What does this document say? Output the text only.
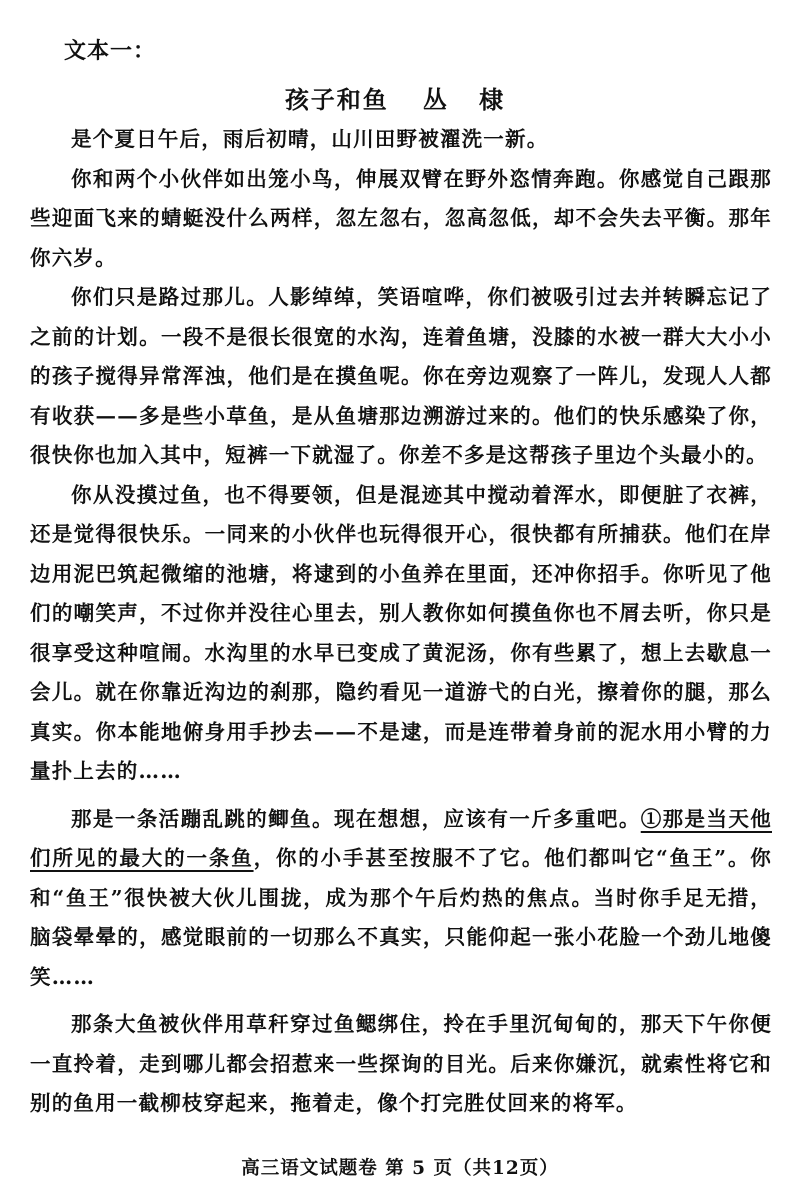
文本一：
孩子和鱼 丛 棣

是个夏日午后，雨后初晴，山川田野被濯洗一新。

你和两个小伙伴如出笼小鸟，伸展双臂在野外恣情奔跑。你感觉自己跟那些迎面飞来的蜻蜓没什么两样，忽左忽右，忽高忽低，却不会失去平衡。那年你六岁。

你们只是路过那儿。人影绰绰，笑语喧哗，你们被吸引过去并转瞬忘记了之前的计划。一段不是很长很宽的水沟，连着鱼塘，没膝的水被一群大大小小的孩子搅得异常浑浊，他们是在摸鱼呢。你在旁边观察了一阵儿，发现人人都有收获——多是些小草鱼，是从鱼塘那边溯游过来的。他们的快乐感染了你，很快你也加入其中，短裤一下就湿了。你差不多是这帮孩子里边个头最小的。

你从没摸过鱼，也不得要领，但是混迹其中搅动着浑水，即便脏了衣裤，还是觉得很快乐。一同来的小伙伴也玩得很开心，很快都有所捕获。他们在岸边用泥巴筑起微缩的池塘，将逮到的小鱼养在里面，还冲你招手。你听见了他们的嘲笑声，不过你并没往心里去，别人教你如何摸鱼你也不屑去听，你只是很享受这种喧闹。水沟里的水早已变成了黄泥汤，你有些累了，想上去歇息一会儿。就在你靠近沟边的刹那，隐约看见一道游弋的白光，擦着你的腿，那么真实。你本能地俯身用手抄去——不是逮，而是连带着身前的泥水用小臂的力量扑上去的……

那是一条活蹦乱跳的鲫鱼。现在想想，应该有一斤多重吧。①那是当天他们所见的最大的一条鱼，你的小手甚至按服不了它。他们都叫它“鱼王”。你和“鱼王”很快被大伙儿围拢，成为那个午后灼热的焦点。当时你手足无措，脑袋晕晕的，感觉眼前的一切那么不真实，只能仰起一张小花脸一个劲儿地傻笑……

那条大鱼被伙伴用草秆穿过鱼鳃绑住，拎在手里沉甸甸的，那天下午你便一直拎着，走到哪儿都会招惹来一些探询的目光。后来你嫌沉，就索性将它和别的鱼用一截柳枝穿起来，拖着走，像个打完胜仗回来的将军。

高三语文试题卷 第 5 页（共12页）
